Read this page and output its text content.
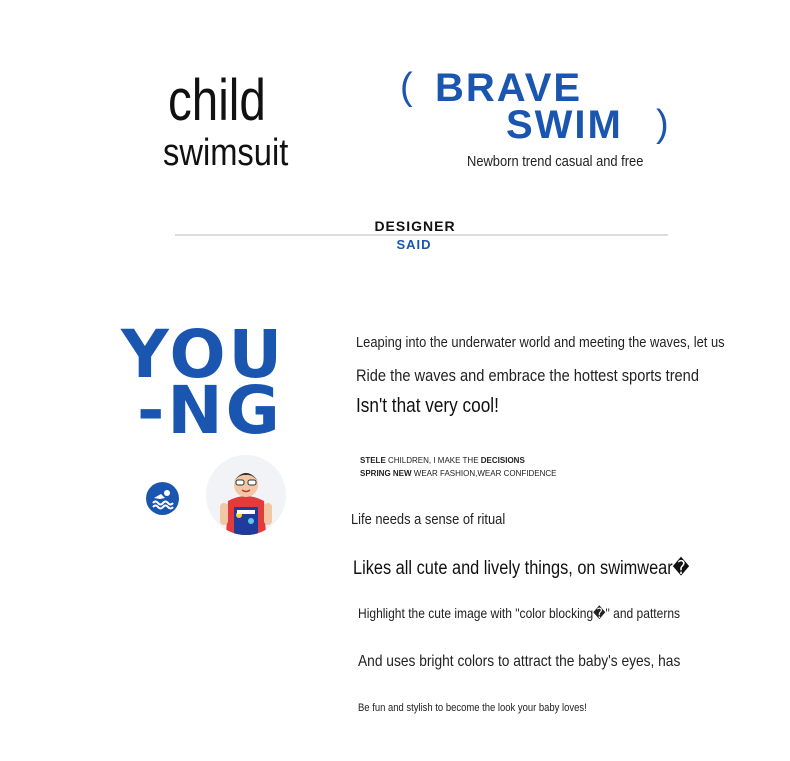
child
swimsuit
( BRAVE
SWIM )
Newborn trend casual and free
DESIGNER
SAID
YOU
-NG
Leaping into the underwater world and meeting the waves, let us
Ride the waves and embrace the hottest sports trend
Isn't that very cool!
STELE CHILDREN, I MAKE THE DECISIONS
SPRING NEW WEAR FASHION,WEAR CONFIDENCE
Life needs a sense of ritual
Likes all cute and lively things, on swimwear�
Highlight the cute image with "color blocking�" and patterns
And uses bright colors to attract the baby's eyes, has
Be fun and stylish to become the look your baby loves!
